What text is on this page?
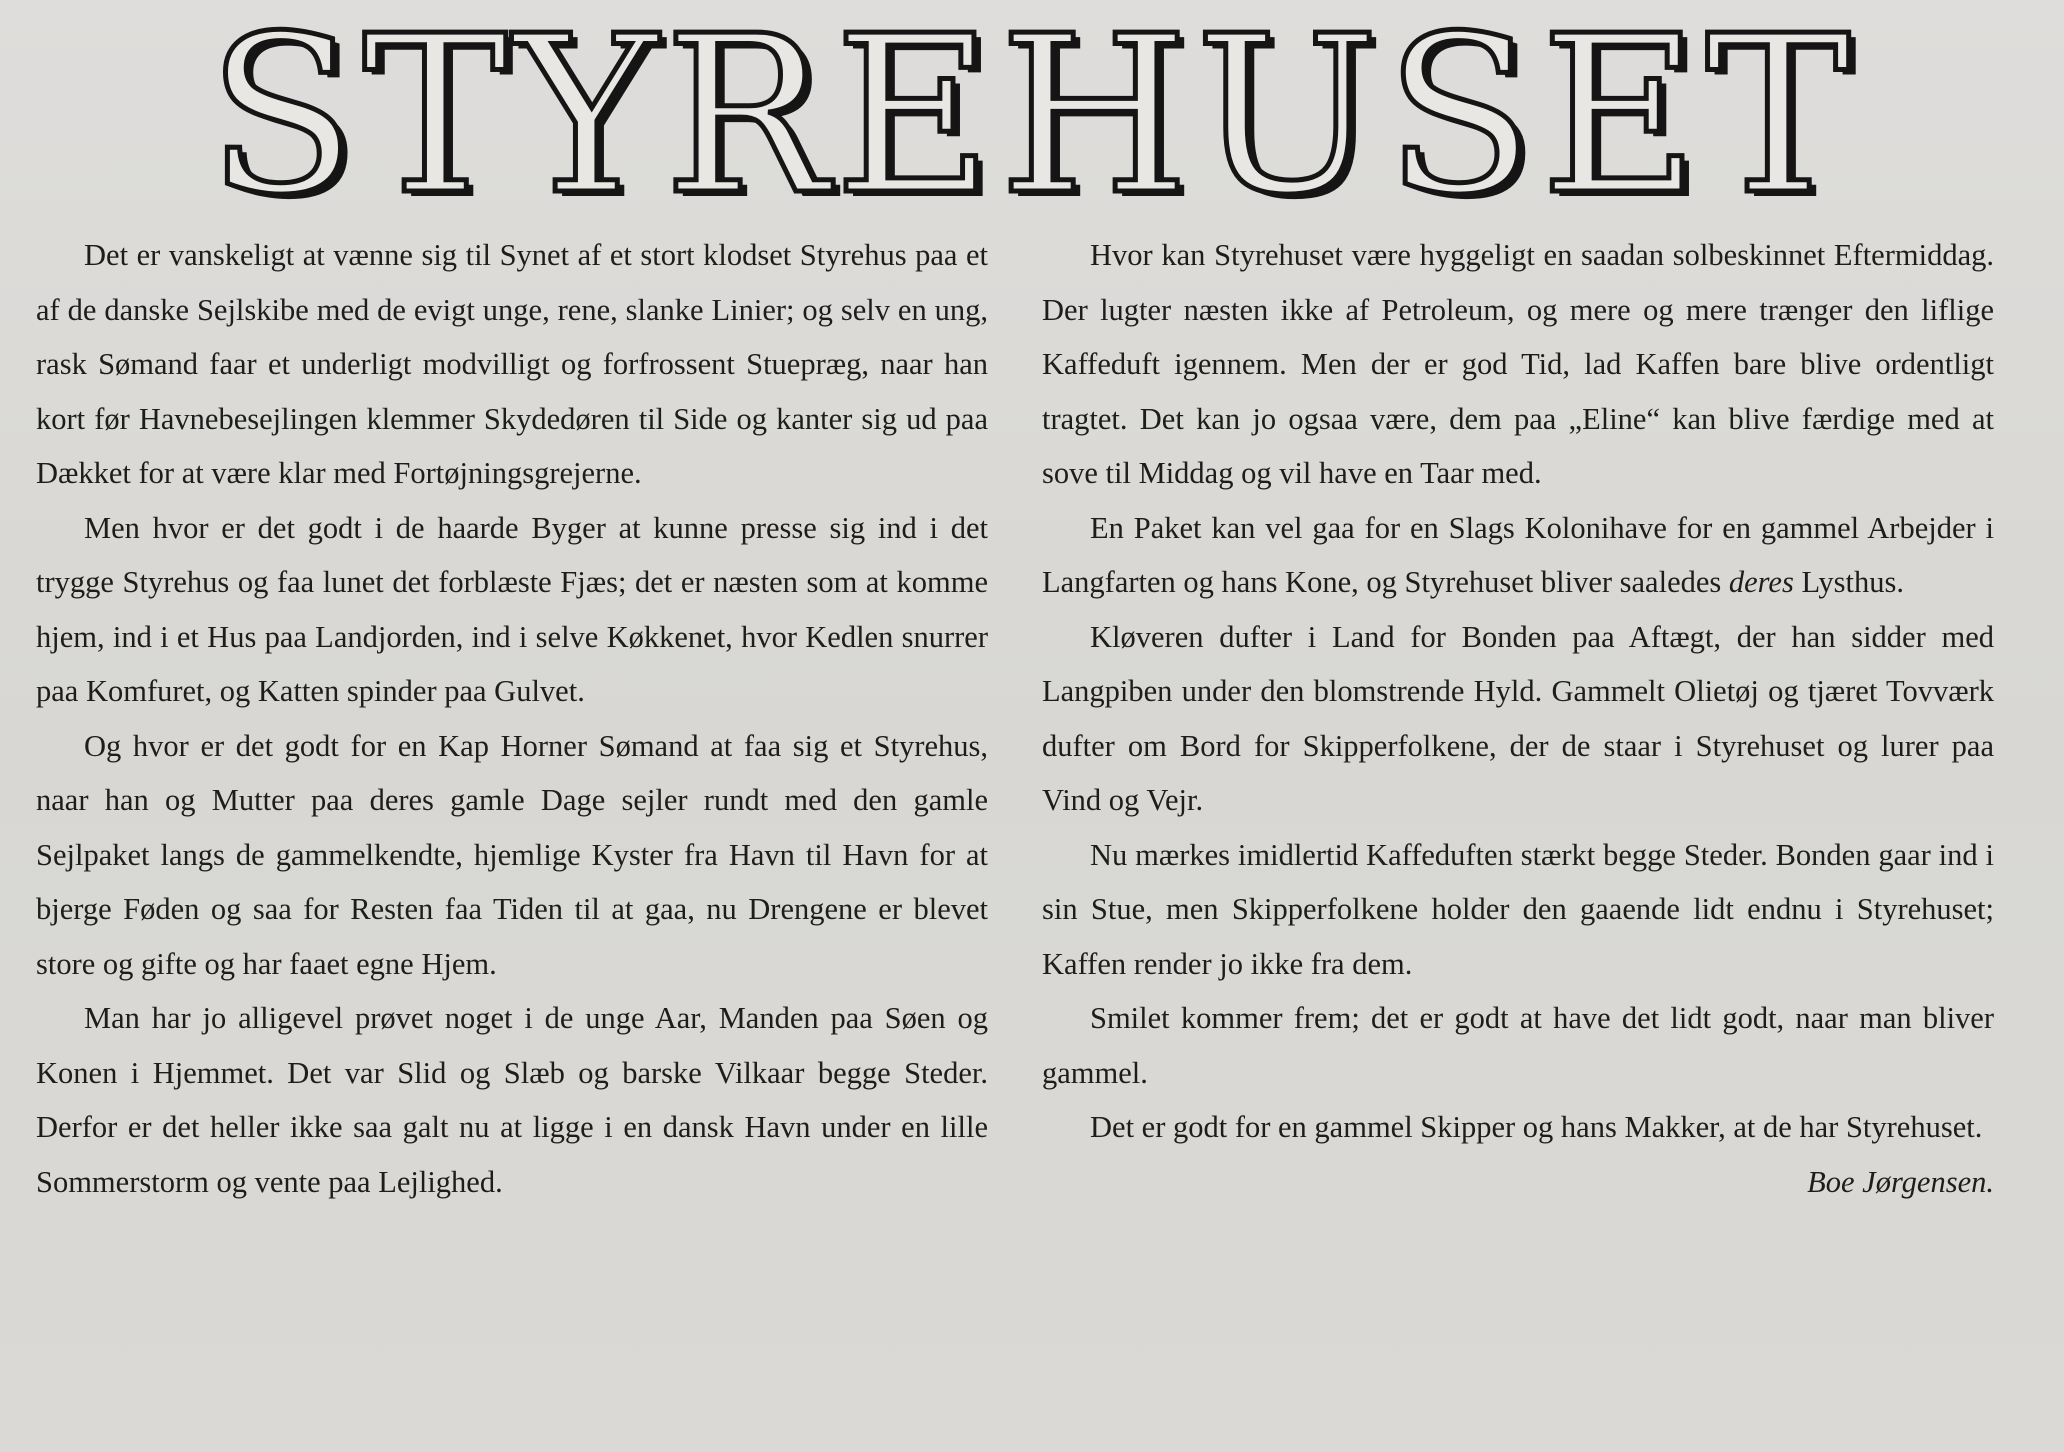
STYREHUSET

Det er vanskeligt at vænne sig til Synet af et stort klodset Styrehus paa et af de danske Sejlskibe med de evigt unge, rene, slanke Linier; og selv en ung, rask Sømand faar et underligt modvilligt og forfrossent Stuepræg, naar han kort før Havnebesejlingen klemmer Skydedøren til Side og kanter sig ud paa Dækket for at være klar med Fortøjningsgrejerne.

Men hvor er det godt i de haarde Byger at kunne presse sig ind i det trygge Styrehus og faa lunet det forblæste Fjæs; det er næsten som at komme hjem, ind i et Hus paa Landjorden, ind i selve Køkkenet, hvor Kedlen snurrer paa Komfuret, og Katten spinder paa Gulvet.

Og hvor er det godt for en Kap Horner Sømand at faa sig et Styrehus, naar han og Mutter paa deres gamle Dage sejler rundt med den gamle Sejlpaket langs de gammelkendte, hjemlige Kyster fra Havn til Havn for at bjerge Føden og saa for Resten faa Tiden til at gaa, nu Drengene er blevet store og gifte og har faaet egne Hjem.

Man har jo alligevel prøvet noget i de unge Aar, Manden paa Søen og Konen i Hjemmet. Det var Slid og Slæb og barske Vilkaar begge Steder. Derfor er det heller ikke saa galt nu at ligge i en dansk Havn under en lille Sommerstorm og vente paa Lejlighed.

Hvor kan Styrehuset være hyggeligt en saadan solbeskinnet Eftermiddag. Der lugter næsten ikke af Petroleum, og mere og mere trænger den liflige Kaffeduft igennem. Men der er god Tid, lad Kaffen bare blive ordentligt tragtet. Det kan jo ogsaa være, dem paa „Eline“ kan blive færdige med at sove til Middag og vil have en Taar med.

En Paket kan vel gaa for en Slags Kolonihave for en gammel Arbejder i Langfarten og hans Kone, og Styrehuset bliver saaledes deres Lysthus.

Kløveren dufter i Land for Bonden paa Aftægt, der han sidder med Langpiben under den blomstrende Hyld. Gammelt Olietøj og tjæret Tovværk dufter om Bord for Skipperfolkene, der de staar i Styrehuset og lurer paa Vind og Vejr.

Nu mærkes imidlertid Kaffeduften stærkt begge Steder. Bonden gaar ind i sin Stue, men Skipperfolkene holder den gaaende lidt endnu i Styrehuset; Kaffen render jo ikke fra dem.

Smilet kommer frem; det er godt at have det lidt godt, naar man bliver gammel.

Det er godt for en gammel Skipper og hans Makker, at de har Styrehuset.

Boe Jørgensen.
